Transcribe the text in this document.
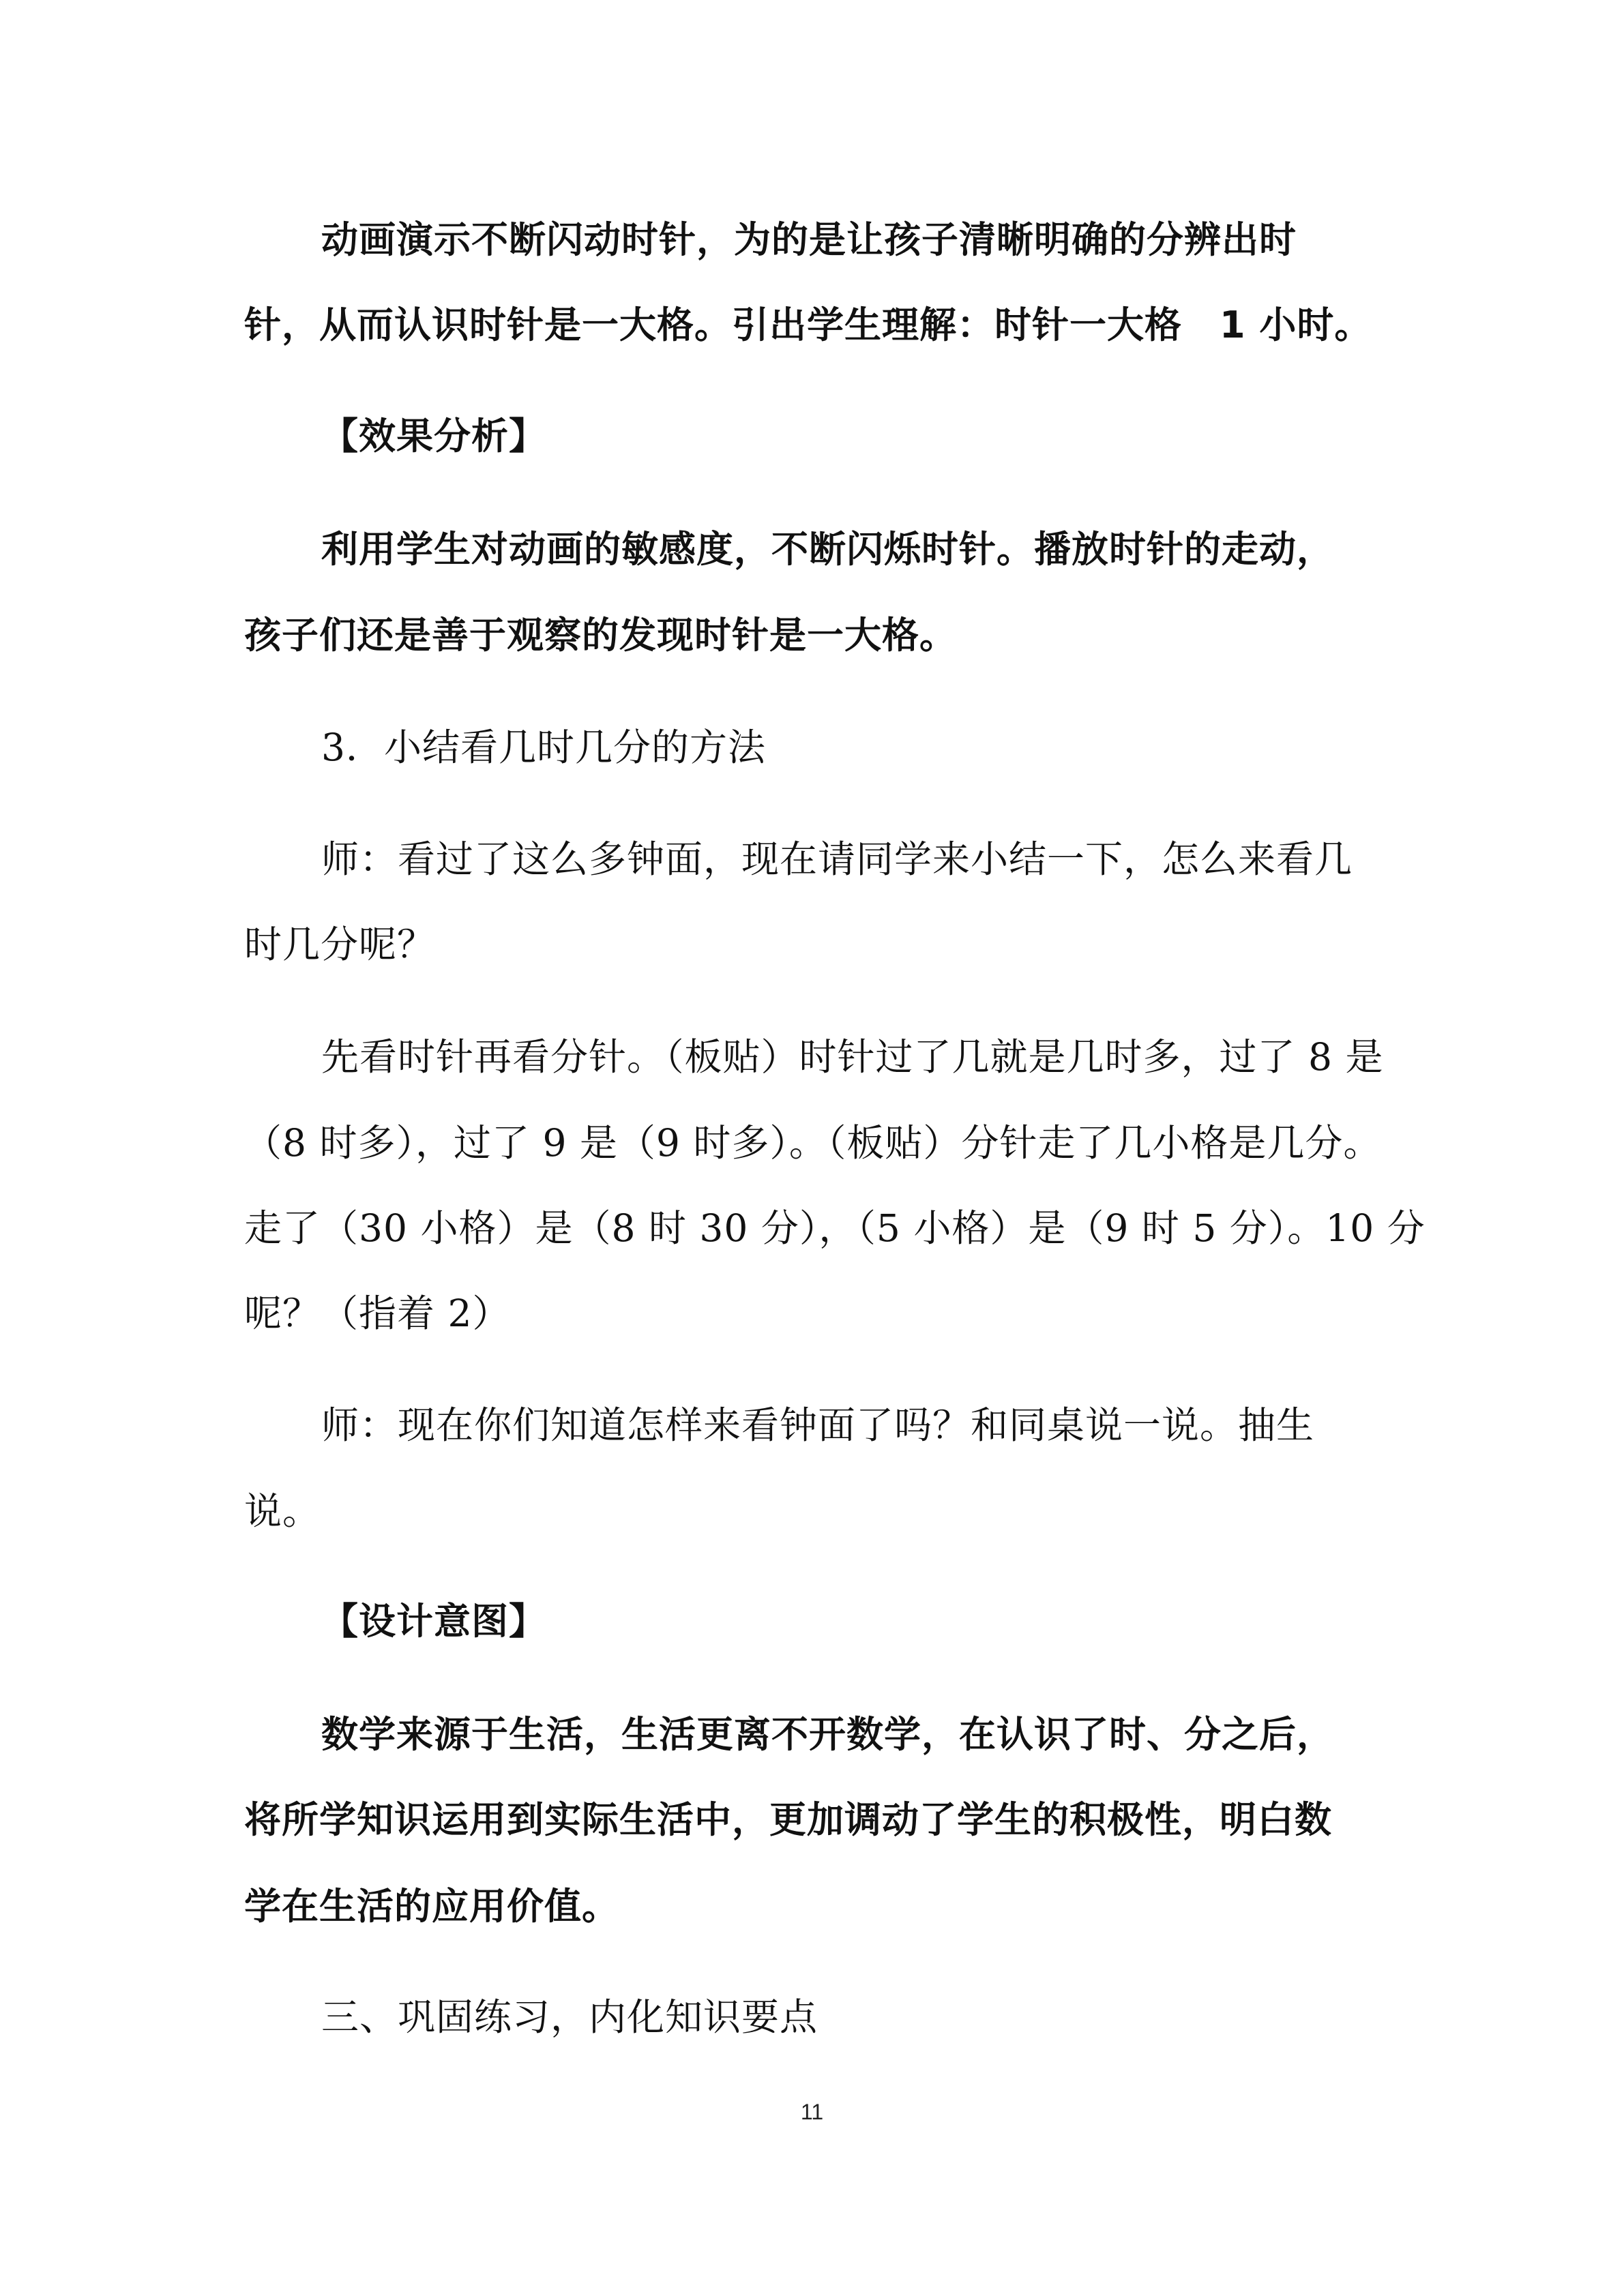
动画演示不断闪动时针，为的是让孩子清晰明确的分辨出时
针，从而认识时针是一大格。引出学生理解：时针一大格　1 小时。
【效果分析】
利用学生对动画的敏感度，不断闪烁时针。播放时针的走动，
孩子们还是善于观察的发现时针是一大格。
3．小结看几时几分的方法
师：看过了这么多钟面，现在请同学来小结一下，怎么来看几
时几分呢？
先看时针再看分针。（板贴）时针过了几就是几时多，过了 8 是
（8 时多），过了 9 是（9 时多）。（板贴）分针走了几小格是几分。
走了（30 小格）是（8 时 30 分），（5 小格）是（9 时 5 分）。10 分
呢？（指着 2）
师：现在你们知道怎样来看钟面了吗？和同桌说一说。抽生
说。
【设计意图】
数学来源于生活，生活更离不开数学，在认识了时、分之后，
将所学知识运用到实际生活中，更加调动了学生的积极性，明白数
学在生活的应用价值。
三、巩固练习，内化知识要点
11
